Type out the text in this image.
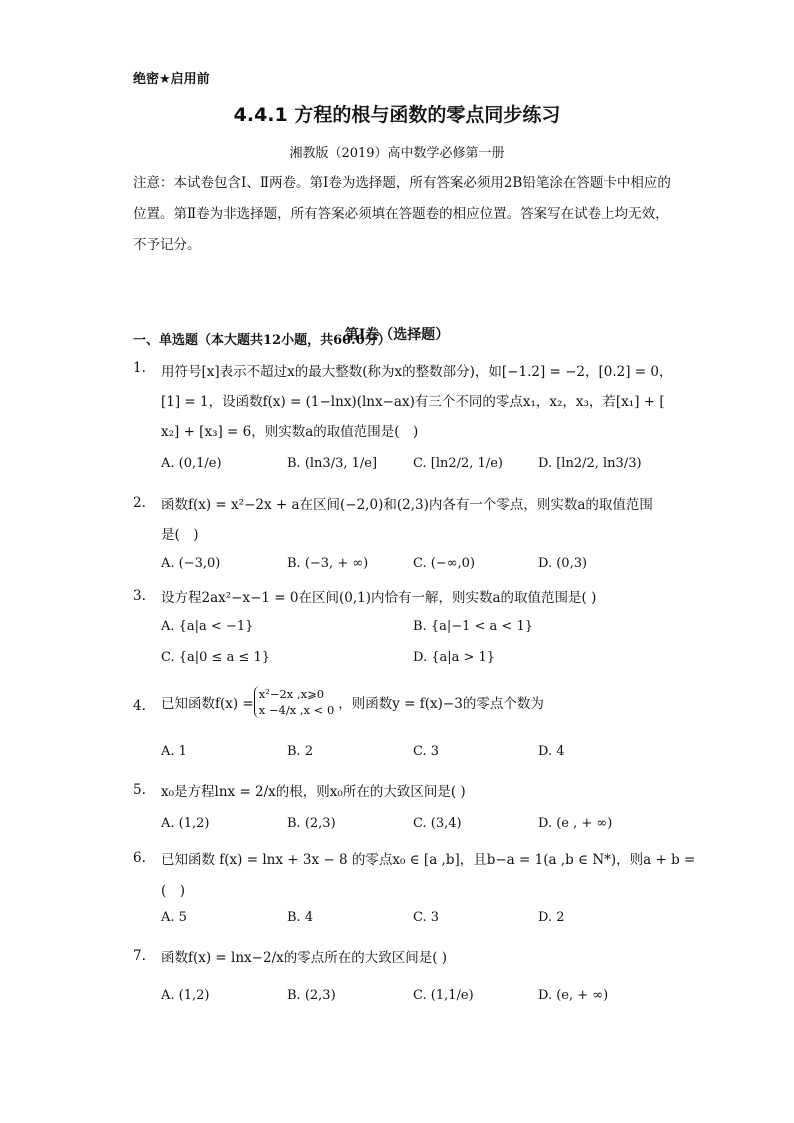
绝密★启用前
4.4.1 方程的根与函数的零点同步练习
湘教版（2019）高中数学必修第一册
注意：本试卷包含Ⅰ、Ⅱ两卷。第Ⅰ卷为选择题，所有答案必须用2B铅笔涂在答题卡中相应的位置。第Ⅱ卷为非选择题，所有答案必须填在答题卷的相应位置。答案写在试卷上均无效，不予记分。
第Ⅰ卷（选择题）
一、单选题（本大题共12小题，共60.0分）
1. 用符号[x]表示不超过x的最大整数(称为x的整数部分)，如[−1.2] = −2，[0.2] = 0，
[1] = 1，设函数f(x) = (1−lnx)(lnx−ax)有三个不同的零点x₁，x₂，x₃，若[x₁] + [
x₂] + [x₃] = 6，则实数a的取值范围是(　)
A. (0,1/e)	B. (ln3/3, 1/e]	C. [ln2/2, 1/e)	D. [ln2/2, ln3/3)
2. 函数f(x) = x²−2x + a在区间(−2,0)和(2,3)内各有一个零点，则实数a的取值范围
是(　)
A. (−3,0)	B. (−3, + ∞)	C. (−∞,0)	D. (0,3)
3. 设方程2ax²−x−1 = 0在区间(0,1)内恰有一解，则实数a的取值范围是( )
A. {a|a < −1}	B. {a|−1 < a < 1}
C. {a|0 ≤ a ≤ 1}	D. {a|a > 1}
4. 已知函数f(x) =
x²−2x ,x⩾0
x −4/x ,x < 0 ，则函数y = f(x)−3的零点个数为
A. 1	B. 2	C. 3	D. 4
5. x₀是方程lnx = 2/x的根，则x₀所在的大致区间是( )
A. (1,2)	B. (2,3)	C. (3,4)	D. (e , + ∞)
6. 已知函数 f(x) = lnx + 3x − 8 的零点x₀ ∈ [a ,b]，且b−a = 1(a ,b ∈ N*)，则a + b =
(　)
A. 5	B. 4	C. 3	D. 2
7. 函数f(x) = lnx−2/x的零点所在的大致区间是( )
A. (1,2)	B. (2,3)	C. (1,1/e)	D. (e, + ∞)
